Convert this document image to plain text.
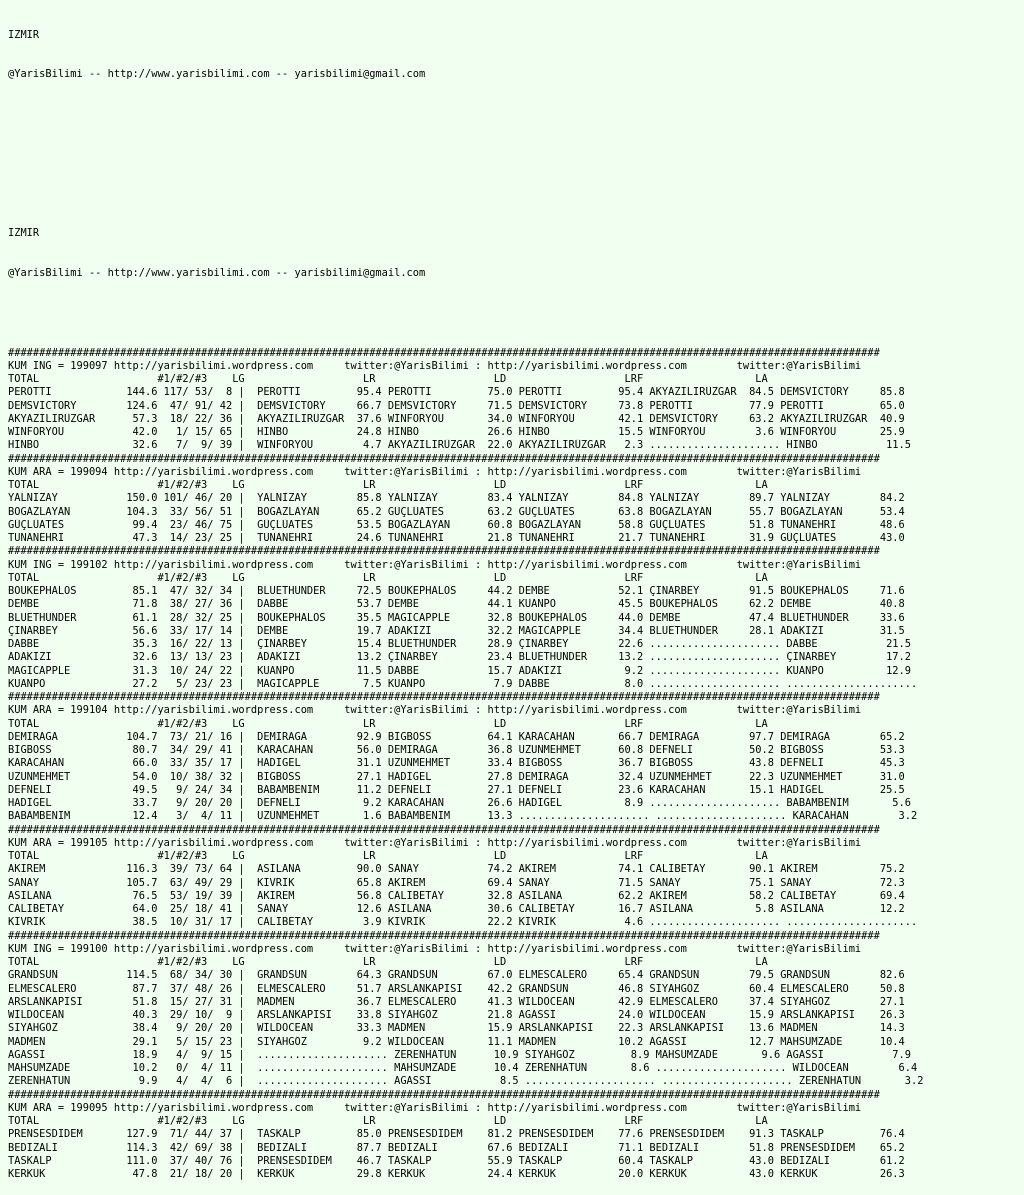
IZMIR

@YarisBilimi -- http://www.yarisbilimi.com -- yarisbilimi@gmail.com

IZMIR

@YarisBilimi -- http://www.yarisbilimi.com -- yarisbilimi@gmail.com

############################################################################################################################################
KUM ING = 199097 http://yarisbilimi.wordpress.com     twitter:@YarisBilimi : http://yarisbilimi.wordpress.com        twitter:@YarisBilimi
TOTAL                   #1/#2/#3    LG                   LR                   LD                   LRF                  LA
PEROTTI            144.6 117/ 53/  8 |  PEROTTI         95.4 PEROTTI         75.0 PEROTTI         95.4 AKYAZILIRÜZGAR  84.5 DEMSVICTORY     85.8
DEMSVICTORY        124.6  47/ 91/ 42 |  DEMSVICTORY     66.7 DEMSVICTORY     71.5 DEMSVICTORY     73.8 PEROTTI         77.9 PEROTTI         65.0
AKYAZILIRÜZGAR      57.3  18/ 22/ 36 |  AKYAZILIRÜZGAR  37.6 WINFORYOU       34.0 WINFORYOU       42.1 DEMSVICTORY     63.2 AKYAZILIRÜZGAR  40.9
WINFORYOU           42.0   1/ 15/ 65 |  HINBO           24.8 HINBO           26.6 HINBO           15.5 WINFORYOU        3.6 WINFORYOU       25.9
HINBO               32.6   7/  9/ 39 |  WINFORYOU        4.7 AKYAZILIRÜZGAR  22.0 AKYAZILIRÜZGAR   2.3 ..................... HINBO           11.5
############################################################################################################################################
KUM ARA = 199094 http://yarisbilimi.wordpress.com     twitter:@YarisBilimi : http://yarisbilimi.wordpress.com        twitter:@YarisBilimi
TOTAL                   #1/#2/#3    LG                   LR                   LD                   LRF                  LA
YALNIZAY           150.0 101/ 46/ 20 |  YALNIZAY        85.8 YALNIZAY        83.4 YALNIZAY        84.8 YALNIZAY        89.7 YALNIZAY        84.2
BOGAZLAYAN         104.3  33/ 56/ 51 |  BOGAZLAYAN      65.2 GÜÇLÜATES       63.2 GÜÇLÜATES       63.8 BOGAZLAYAN      55.7 BOGAZLAYAN      53.4
GÜÇLÜATES           99.4  23/ 46/ 75 |  GÜÇLÜATES       53.5 BOGAZLAYAN      60.8 BOGAZLAYAN      58.8 GÜÇLÜATES       51.8 TUNANEHRI       48.6
TUNANEHRI           47.3  14/ 23/ 25 |  TUNANEHRI       24.6 TUNANEHRI       21.8 TUNANEHRI       21.7 TUNANEHRI       31.9 GÜÇLÜATES       43.0
############################################################################################################################################
KUM ING = 199102 http://yarisbilimi.wordpress.com     twitter:@YarisBilimi : http://yarisbilimi.wordpress.com        twitter:@YarisBilimi
TOTAL                   #1/#2/#3    LG                   LR                   LD                   LRF                  LA
BOUKEPHALOS         85.1  47/ 32/ 34 |  BLUETHUNDER     72.5 BOUKEPHALOS     44.2 DEMBE           52.1 ÇINARBEY        91.5 BOUKEPHALOS     71.6
DEMBE               71.8  38/ 27/ 36 |  DABBE           53.7 DEMBE           44.1 KUANPO          45.5 BOUKEPHALOS     62.2 DEMBE           40.8
BLUETHUNDER         61.1  28/ 32/ 25 |  BOUKEPHALOS     35.5 MAGICAPPLE      32.8 BOUKEPHALOS     44.0 DEMBE           47.4 BLUETHUNDER     33.6
ÇINARBEY            56.6  33/ 17/ 14 |  DEMBE           19.7 ADAKIZI         32.2 MAGICAPPLE      34.4 BLUETHUNDER     28.1 ADAKIZI         31.5
DABBE               35.3  16/ 22/ 13 |  ÇINARBEY        15.4 BLUETHUNDER     28.9 ÇINARBEY        22.6 ..................... DABBE           21.5
ADAKIZI             32.6  13/ 13/ 23 |  ADAKIZI         13.2 ÇINARBEY        23.4 BLUETHUNDER     13.2 ..................... ÇINARBEY        17.2
MAGICAPPLE          31.3  10/ 24/ 22 |  KUANPO          11.5 DABBE           15.7 ADAKIZI          9.2 ..................... KUANPO          12.9
KUANPO              27.2   5/ 23/ 23 |  MAGICAPPLE       7.5 KUANPO           7.9 DABBE            8.0 ..................... .....................
############################################################################################################################################
KUM ARA = 199104 http://yarisbilimi.wordpress.com     twitter:@YarisBilimi : http://yarisbilimi.wordpress.com        twitter:@YarisBilimi
TOTAL                   #1/#2/#3    LG                   LR                   LD                   LRF                  LA
DEMIRAGA           104.7  73/ 21/ 16 |  DEMIRAGA        92.9 BIGBOSS         64.1 KARACAHAN       66.7 DEMIRAGA        97.7 DEMIRAGA        65.2
BIGBOSS             80.7  34/ 29/ 41 |  KARACAHAN       56.0 DEMIRAGA        36.8 UZUNMEHMET      60.8 DEFNELI         50.2 BIGBOSS         53.3
KARACAHAN           66.0  33/ 35/ 17 |  HADIGEL         31.1 UZUNMEHMET      33.4 BIGBOSS         36.7 BIGBOSS         43.8 DEFNELI         45.3
UZUNMEHMET          54.0  10/ 38/ 32 |  BIGBOSS         27.1 HADIGEL         27.8 DEMIRAGA        32.4 UZUNMEHMET      22.3 UZUNMEHMET      31.0
DEFNELI             49.5   9/ 24/ 34 |  BABAMBENIM      11.2 DEFNELI         27.1 DEFNELI         23.6 KARACAHAN       15.1 HADIGEL         25.5
HADIGEL             33.7   9/ 20/ 20 |  DEFNELI          9.2 KARACAHAN       26.6 HADIGEL          8.9 ..................... BABAMBENIM       5.6
BABAMBENIM          12.4   3/  4/ 11 |  UZUNMEHMET       1.6 BABAMBENIM      13.3 ..................... ..................... KARACAHAN        3.2
############################################################################################################################################
KUM ARA = 199105 http://yarisbilimi.wordpress.com     twitter:@YarisBilimi : http://yarisbilimi.wordpress.com        twitter:@YarisBilimi
TOTAL                   #1/#2/#3    LG                   LR                   LD                   LRF                  LA
AKIREM             116.3  39/ 73/ 64 |  ASILANA         90.0 SANAY           74.2 AKIREM          74.1 CALIBETAY       90.1 AKIREM          75.2
SANAY              105.7  63/ 49/ 29 |  KIVRIK          65.8 AKIREM          69.4 SANAY           71.5 SANAY           75.1 SANAY           72.3
ASILANA             76.5  53/ 19/ 39 |  AKIREM          56.8 CALIBETAY       32.8 ASILANA         62.2 AKIREM          58.2 CALIBETAY       69.4
CALIBETAY           64.0  25/ 18/ 41 |  SANAY           12.6 ASILANA         30.6 CALIBETAY       16.7 ASILANA          5.8 ASILANA         12.2
KIVRIK              38.5  10/ 31/ 17 |  CALIBETAY        3.9 KIVRIK          22.2 KIVRIK           4.6 ..................... .....................
############################################################################################################################################
KUM ING = 199100 http://yarisbilimi.wordpress.com     twitter:@YarisBilimi : http://yarisbilimi.wordpress.com        twitter:@YarisBilimi
TOTAL                   #1/#2/#3    LG                   LR                   LD                   LRF                  LA
GRANDSUN           114.5  68/ 34/ 30 |  GRANDSUN        64.3 GRANDSUN        67.0 ELMESCALERO     65.4 GRANDSUN        79.5 GRANDSUN        82.6
ELMESCALERO         87.7  37/ 48/ 26 |  ELMESCALERO     51.7 ARSLANKAPISI    42.2 GRANDSUN        46.8 SIYAHGÖZ        60.4 ELMESCALERO     50.8
ARSLANKAPISI        51.8  15/ 27/ 31 |  MADMEN          36.7 ELMESCALERO     41.3 WILDOCEAN       42.9 ELMESCALERO     37.4 SIYAHGÖZ        27.1
WILDOCEAN           40.3  29/ 10/  9 |  ARSLANKAPISI    33.8 SIYAHGÖZ        21.8 AGASSI          24.0 WILDOCEAN       15.9 ARSLANKAPISI    26.3
SIYAHGÖZ            38.4   9/ 20/ 20 |  WILDOCEAN       33.3 MADMEN          15.9 ARSLANKAPISI    22.3 ARSLANKAPISI    13.6 MADMEN          14.3
MADMEN              29.1   5/ 15/ 23 |  SIYAHGÖZ         9.2 WILDOCEAN       11.1 MADMEN          10.2 AGASSI          12.7 MAHSUMZADE      10.4
AGASSI              18.9   4/  9/ 15 |  ..................... ZERENHATUN      10.9 SIYAHGÖZ         8.9 MAHSUMZADE       9.6 AGASSI           7.9
MAHSUMZADE          10.2   0/  4/ 11 |  ..................... MAHSUMZADE      10.4 ZERENHATUN       8.6 ..................... WILDOCEAN        6.4
ZERENHATUN           9.9   4/  4/  6 |  ..................... AGASSI           8.5 ..................... ..................... ZERENHATUN       3.2
############################################################################################################################################
KUM ARA = 199095 http://yarisbilimi.wordpress.com     twitter:@YarisBilimi : http://yarisbilimi.wordpress.com        twitter:@YarisBilimi
TOTAL                   #1/#2/#3    LG                   LR                   LD                   LRF                  LA
PRENSESDIDEM       127.9  71/ 44/ 37 |  TASKALP         85.0 PRENSESDIDEM    81.2 PRENSESDIDEM    77.6 PRENSESDIDEM    91.3 TASKALP         76.4
BEDIZALI           114.3  42/ 69/ 38 |  BEDIZALI        87.7 BEDIZALI        67.6 BEDIZALI        71.1 BEDIZALI        51.8 PRENSESDIDEM    65.2
TASKALP            111.0  37/ 40/ 76 |  PRENSESDIDEM    46.7 TASKALP         55.9 TASKALP         60.4 TASKALP         43.0 BEDIZALI        61.2
KERKÜK              47.8  21/ 18/ 20 |  KERKÜK          29.8 KERKÜK          24.4 KERKÜK          20.0 KERKÜK          43.0 KERKÜK          26.3
